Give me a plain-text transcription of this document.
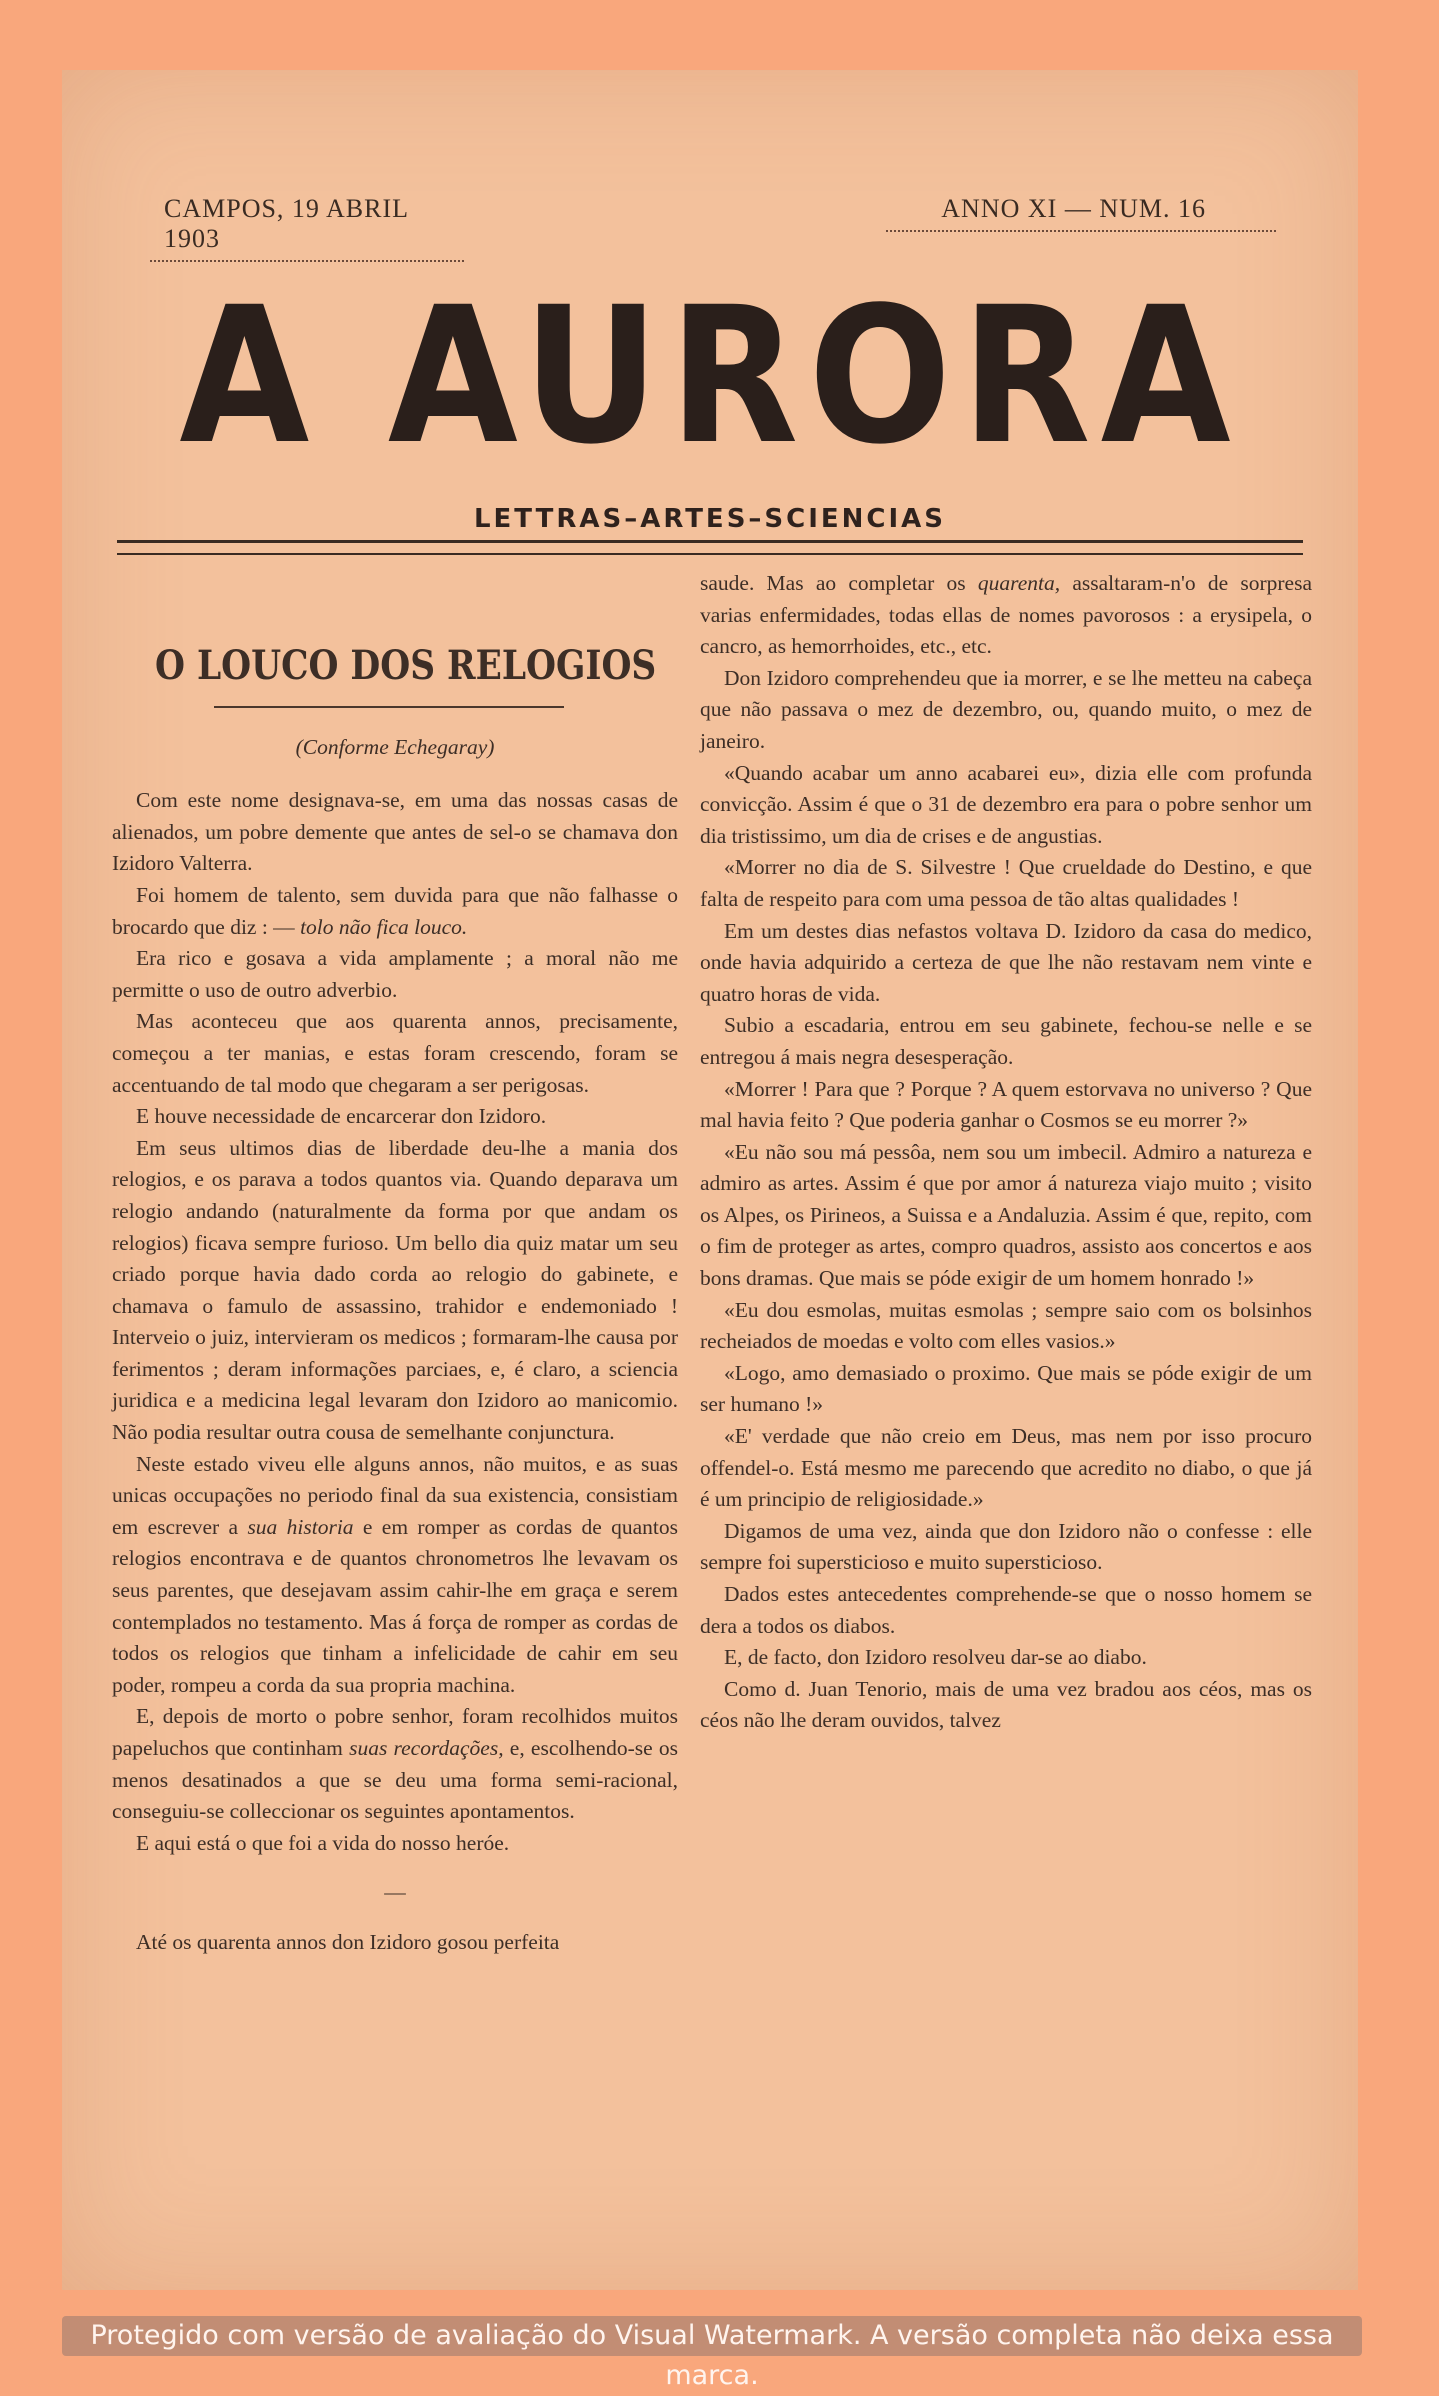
CAMPOS, 19 ABRIL 1903
ANNO XI — NUM. 16
A AURORA
LETTRAS–ARTES–SCIENCIAS
O LOUCO DOS RELOGIOS
(Conforme Echegaray)

Com este nome designava-se, em uma das nossas casas de alienados, um pobre demente que antes de sel-o se chamava don Izidoro Valterra.

Foi homem de talento, sem duvida para que não falhasse o brocardo que diz : — tolo não fica louco.

Era rico e gosava a vida amplamente ; a moral não me permitte o uso de outro adverbio.

Mas aconteceu que aos quarenta annos, precisamente, começou a ter manias, e estas foram crescendo, foram se accentuando de tal modo que chegaram a ser perigosas.

E houve necessidade de encarcerar don Izidoro.

Em seus ultimos dias de liberdade deu-lhe a mania dos relogios, e os parava a todos quantos via. Quando deparava um relogio andando (naturalmente da forma por que andam os relogios) ficava sempre furioso. Um bello dia quiz matar um seu criado porque havia dado corda ao relogio do gabinete, e chamava o famulo de assassino, trahidor e endemoniado ! Interveio o juiz, intervieram os medicos ; formaram-lhe causa por ferimentos ; deram informações parciaes, e, é claro, a sciencia juridica e a medicina legal levaram don Izidoro ao manicomio. Não podia resultar outra cousa de semelhante conjunctura.

Neste estado viveu elle alguns annos, não muitos, e as suas unicas occupações no periodo final da sua existencia, consistiam em escrever a sua historia e em romper as cordas de quantos relogios encontrava e de quantos chronometros lhe levavam os seus parentes, que desejavam assim cahir-lhe em graça e serem contemplados no testamento. Mas á força de romper as cordas de todos os relogios que tinham a infelicidade de cahir em seu poder, rompeu a corda da sua propria machina.

E, depois de morto o pobre senhor, foram recolhidos muitos papeluchos que continham suas recordações, e, escolhendo-se os menos desatinados a que se deu uma forma semi-racional, conseguiu-se colleccionar os seguintes apontamentos.

E aqui está o que foi a vida do nosso heróe.

—

Até os quarenta annos don Izidoro gosou perfeita

saude. Mas ao completar os quarenta, assaltaram-n'o de sorpresa varias enfermidades, todas ellas de nomes pavorosos : a erysipela, o cancro, as hemorrhoides, etc., etc.

Don Izidoro comprehendeu que ia morrer, e se lhe metteu na cabeça que não passava o mez de dezembro, ou, quando muito, o mez de janeiro.

«Quando acabar um anno acabarei eu», dizia elle com profunda convicção. Assim é que o 31 de dezembro era para o pobre senhor um dia tristissimo, um dia de crises e de angustias.

«Morrer no dia de S. Silvestre ! Que crueldade do Destino, e que falta de respeito para com uma pessoa de tão altas qualidades !

Em um destes dias nefastos voltava D. Izidoro da casa do medico, onde havia adquirido a certeza de que lhe não restavam nem vinte e quatro horas de vida.

Subio a escadaria, entrou em seu gabinete, fechou-se nelle e se entregou á mais negra desesperação.

«Morrer ! Para que ? Porque ? A quem estorvava no universo ? Que mal havia feito ? Que poderia ganhar o Cosmos se eu morrer ?»

«Eu não sou má pessôa, nem sou um imbecil. Admiro a natureza e admiro as artes. Assim é que por amor á natureza viajo muito ; visito os Alpes, os Pirineos, a Suissa e a Andaluzia. Assim é que, repito, com o fim de proteger as artes, compro quadros, assisto aos concertos e aos bons dramas. Que mais se póde exigir de um homem honrado !»

«Eu dou esmolas, muitas esmolas ; sempre saio com os bolsinhos recheiados de moedas e volto com elles vasios.»

«Logo, amo demasiado o proximo. Que mais se póde exigir de um ser humano !»

«E' verdade que não creio em Deus, mas nem por isso procuro offendel-o. Está mesmo me parecendo que acredito no diabo, o que já é um principio de religiosidade.»

Digamos de uma vez, ainda que don Izidoro não o confesse : elle sempre foi supersticioso e muito supersticioso.

Dados estes antecedentes comprehende-se que o nosso homem se dera a todos os diabos.

E, de facto, don Izidoro resolveu dar-se ao diabo.

Como d. Juan Tenorio, mais de uma vez bradou aos céos, mas os céos não lhe deram ouvidos, talvez

Protegido com versão de avaliação do Visual Watermark. A versão completa não deixa essa marca.
